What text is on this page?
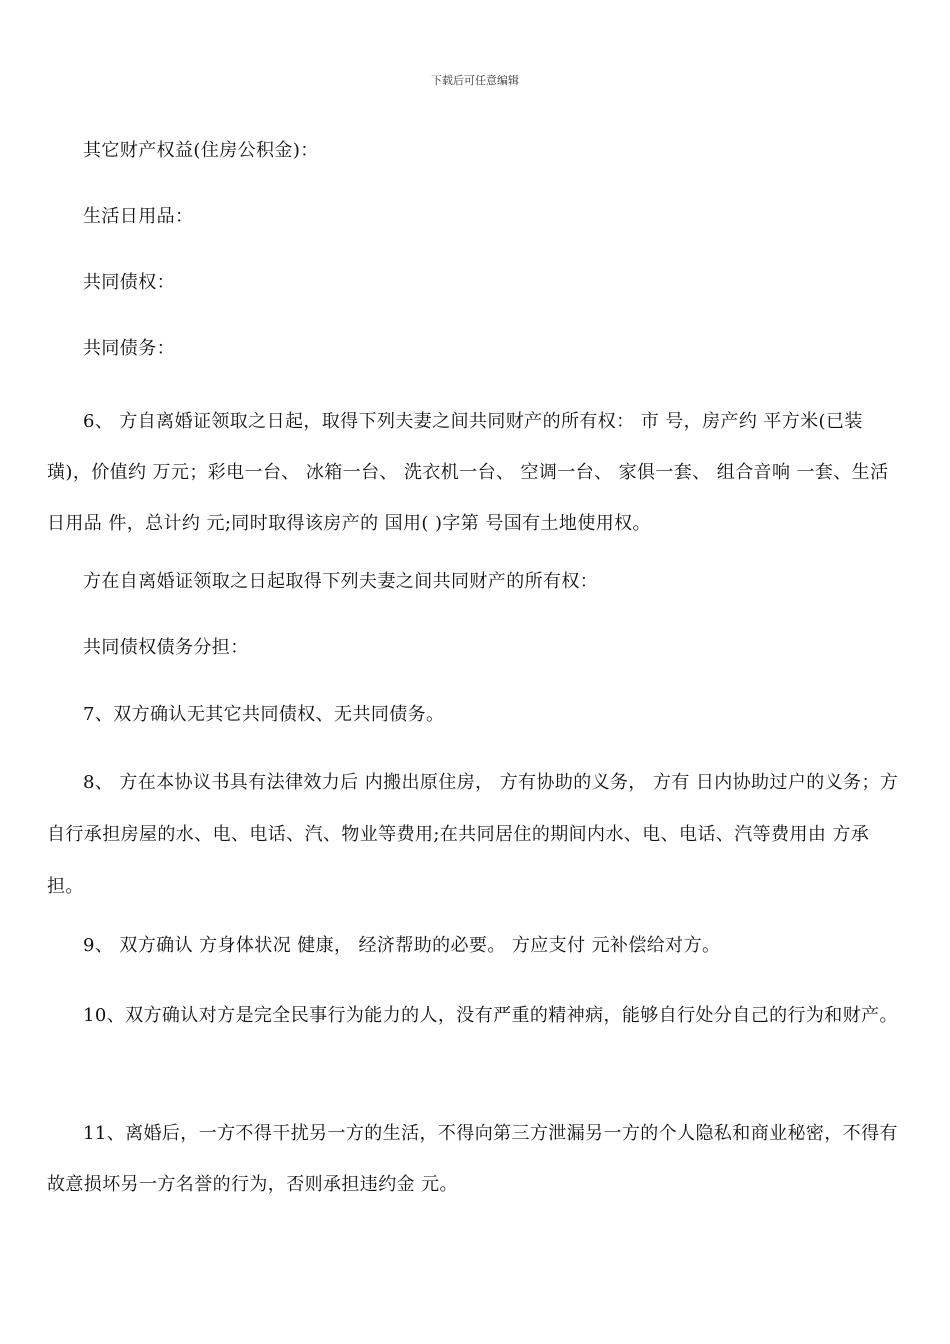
下载后可任意编辑
其它财产权益(住房公积金)：
生活日用品：
共同债权：
共同债务：

6、 方自离婚证领取之日起，取得下列夫妻之间共同财产的所有权： 市 号，房产约 平方米(已装璜)，价值约 万元；彩电一台、 冰箱一台、 洗衣机一台、 空调一台、 家俱一套、 组合音响 一套、生活日用品 件，总计约 元;同时取得该房产的 国用( )字第 号国有土地使用权。

方在自离婚证领取之日起取得下列夫妻之间共同财产的所有权：
共同债权债务分担：
7、双方确认无其它共同债权、无共同债务。

8、 方在本协议书具有法律效力后 内搬出原住房， 方有协助的义务， 方有 日内协助过户的义务；方自行承担房屋的水、电、电话、汽、物业等费用;在共同居住的期间内水、电、电话、汽等费用由 方承担。

9、 双方确认 方身体状况 健康， 经济帮助的必要。 方应支付 元补偿给对方。

10、双方确认对方是完全民事行为能力的人，没有严重的精神病，能够自行处分自己的行为和财产。

11、离婚后，一方不得干扰另一方的生活，不得向第三方泄漏另一方的个人隐私和商业秘密，不得有故意损坏另一方名誉的行为，否则承担违约金 元。
